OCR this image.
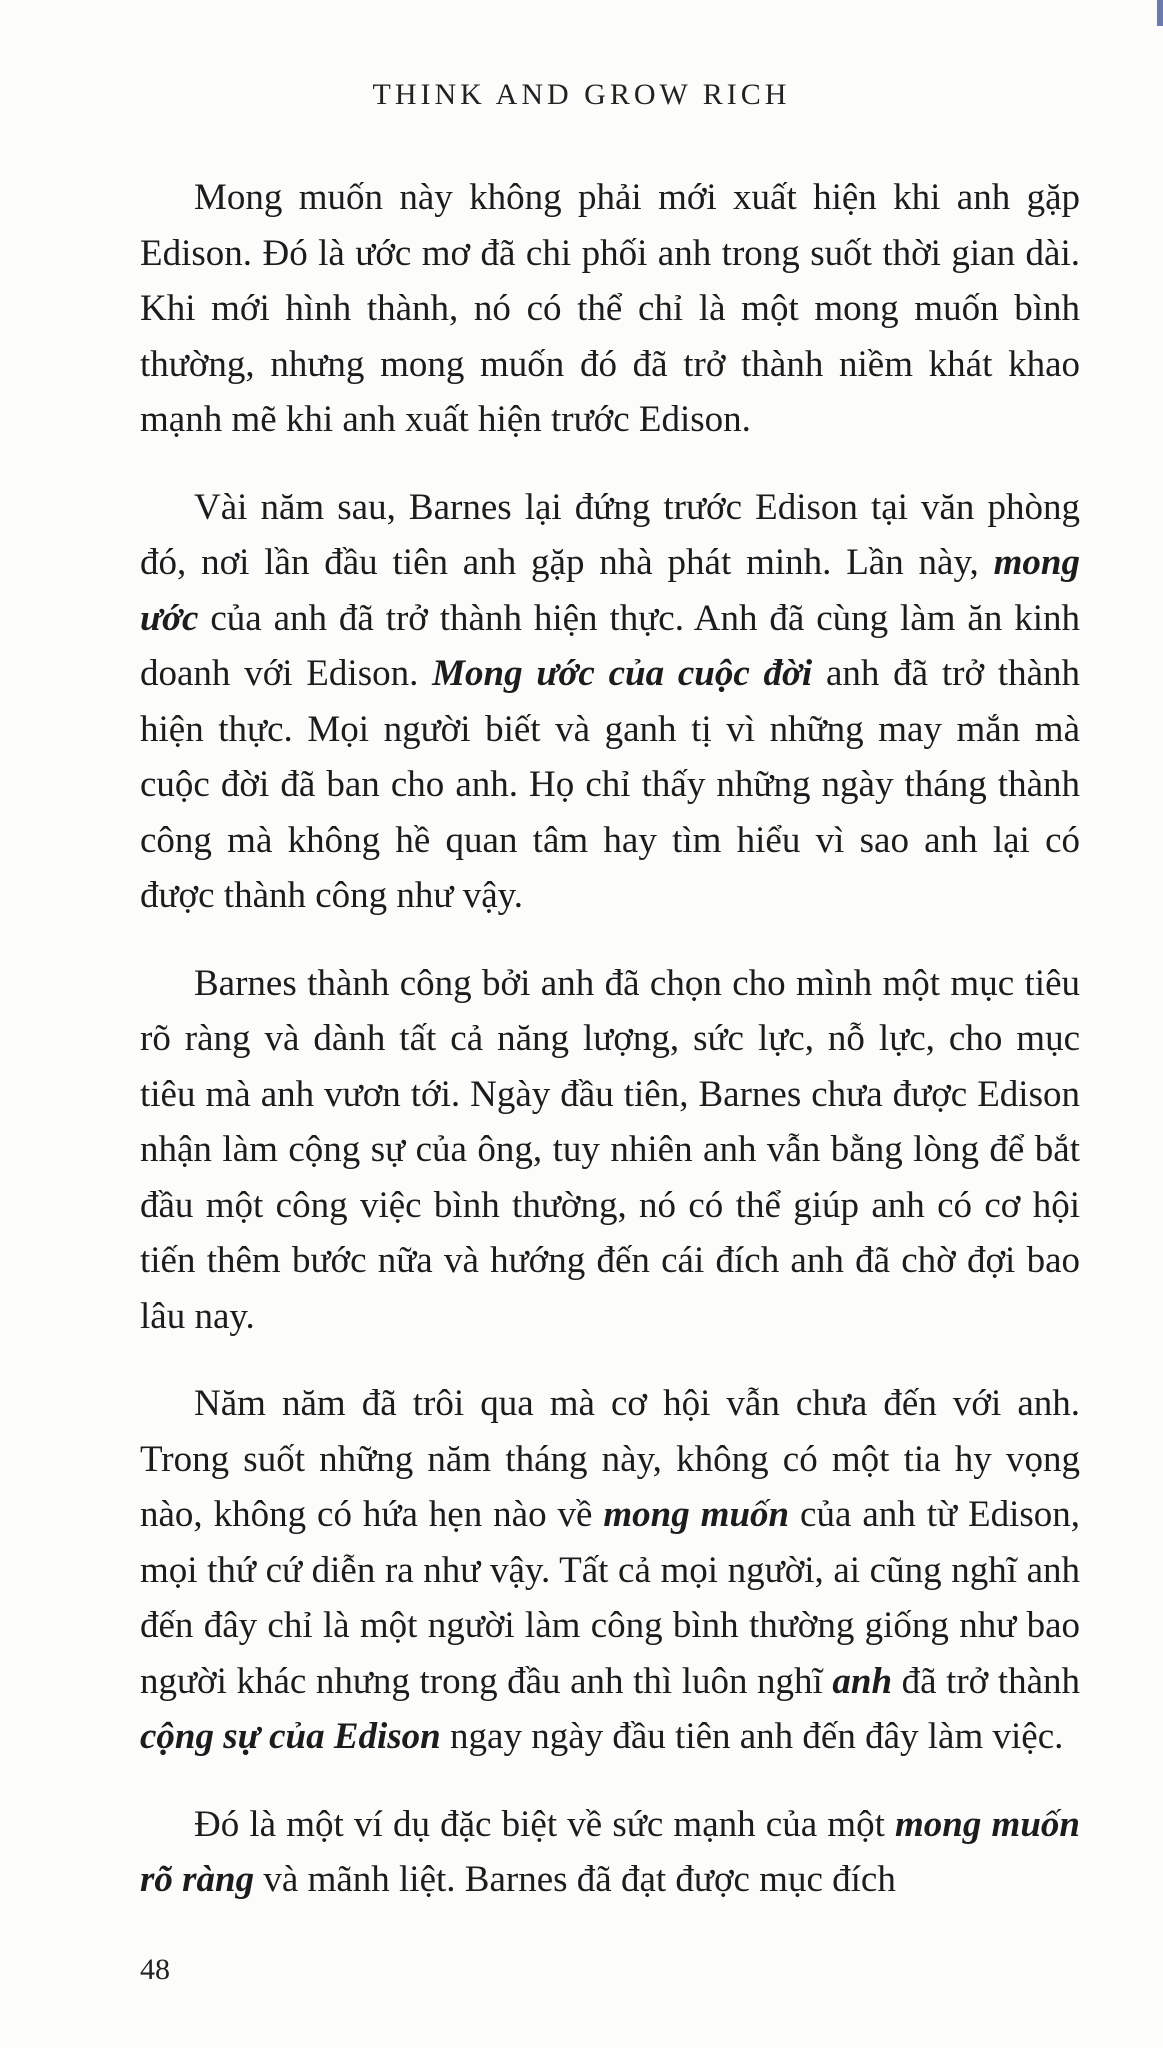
THINK AND GROW RICH

Mong muốn này không phải mới xuất hiện khi anh gặp Edison. Đó là ước mơ đã chi phối anh trong suốt thời gian dài. Khi mới hình thành, nó có thể chỉ là một mong muốn bình thường, nhưng mong muốn đó đã trở thành niềm khát khao mạnh mẽ khi anh xuất hiện trước Edison.

Vài năm sau, Barnes lại đứng trước Edison tại văn phòng đó, nơi lần đầu tiên anh gặp nhà phát minh. Lần này, mong ước của anh đã trở thành hiện thực. Anh đã cùng làm ăn kinh doanh với Edison. Mong ước của cuộc đời anh đã trở thành hiện thực. Mọi người biết và ganh tị vì những may mắn mà cuộc đời đã ban cho anh. Họ chỉ thấy những ngày tháng thành công mà không hề quan tâm hay tìm hiểu vì sao anh lại có được thành công như vậy.

Barnes thành công bởi anh đã chọn cho mình một mục tiêu rõ ràng và dành tất cả năng lượng, sức lực, nỗ lực, cho mục tiêu mà anh vươn tới. Ngày đầu tiên, Barnes chưa được Edison nhận làm cộng sự của ông, tuy nhiên anh vẫn bằng lòng để bắt đầu một công việc bình thường, nó có thể giúp anh có cơ hội tiến thêm bước nữa và hướng đến cái đích anh đã chờ đợi bao lâu nay.

Năm năm đã trôi qua mà cơ hội vẫn chưa đến với anh. Trong suốt những năm tháng này, không có một tia hy vọng nào, không có hứa hẹn nào về mong muốn của anh từ Edison, mọi thứ cứ diễn ra như vậy. Tất cả mọi người, ai cũng nghĩ anh đến đây chỉ là một người làm công bình thường giống như bao người khác nhưng trong đầu anh thì luôn nghĩ anh đã trở thành cộng sự của Edison ngay ngày đầu tiên anh đến đây làm việc.

Đó là một ví dụ đặc biệt về sức mạnh của một mong muốn rõ ràng và mãnh liệt. Barnes đã đạt được mục đích

48
